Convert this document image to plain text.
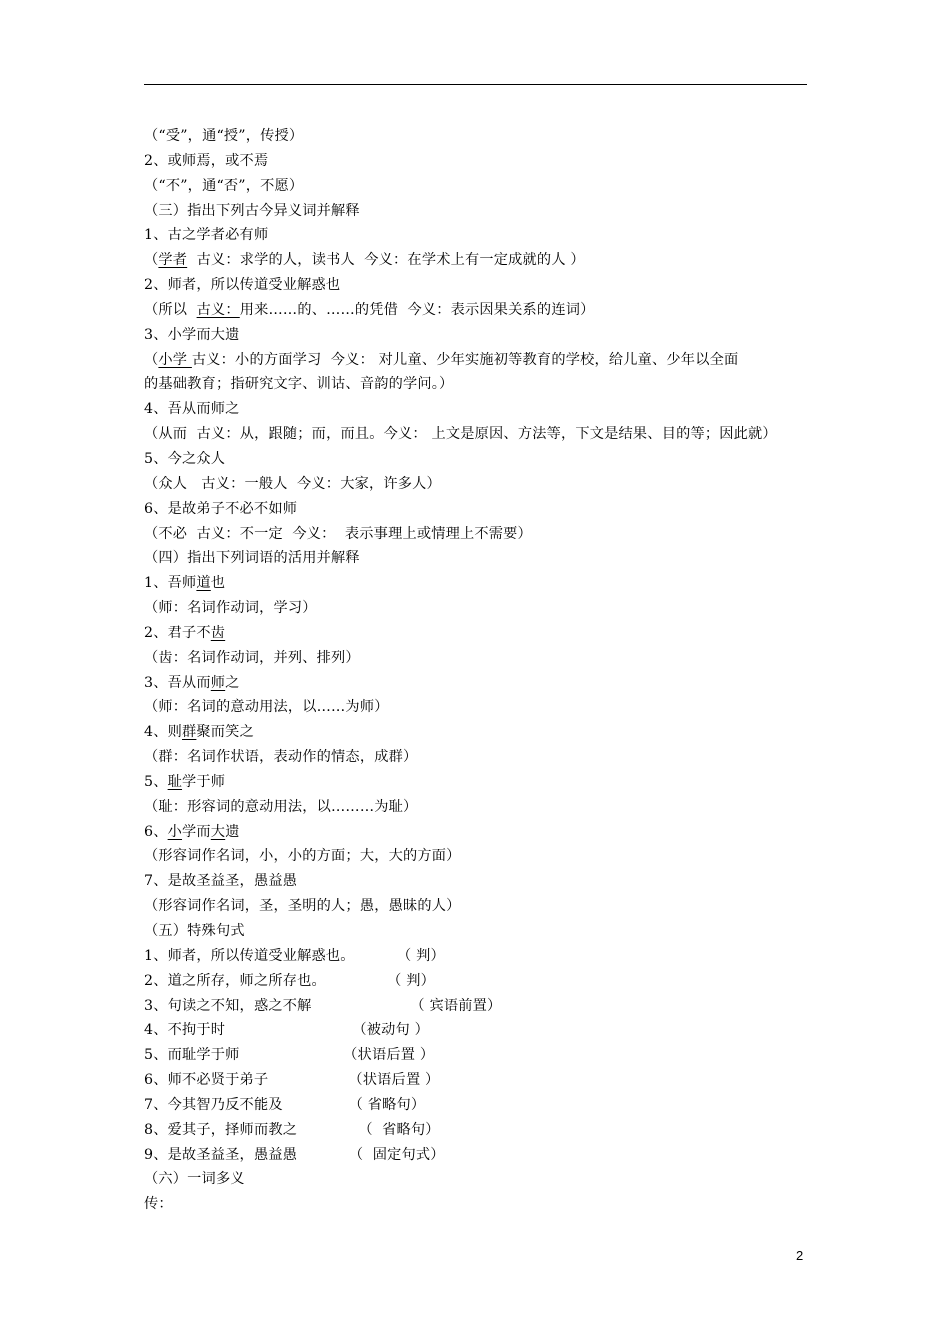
（“受”，通“授”，传授）
2、或师焉，或不焉
（“不”，通“否”，不愿）
（三）指出下列古今异义词并解释
1、古之学者必有师
（学者  古义：求学的人，读书人  今义：在学术上有一定成就的人 ）
2、师者，所以传道受业解惑也
（所以  古义：用来……的、……的凭借  今义：表示因果关系的连词）
3、小学而大遗
（小学 古义：小的方面学习  今义： 对儿童、少年实施初等教育的学校，给儿童、少年以全面
的基础教育；指研究文字、训诂、音韵的学问。）
4、吾从而师之
（从而  古义：从，跟随；而，而且。今义： 上文是原因、方法等，下文是结果、目的等；因此就）
5、今之众人
（众人   古义：一般人  今义：大家，许多人）
6、是故弟子不必不如师
（不必  古义：不一定  今义：  表示事理上或情理上不需要）
（四）指出下列词语的活用并解释
1、吾师道也
（师：名词作动词，学习）
2、君子不齿
（齿：名词作动词，并列、排列）
3、吾从而师之
（师：名词的意动用法，以……为师）
4、则群聚而笑之
（群：名词作状语，表动作的情态，成群）
5、耻学于师
（耻：形容词的意动用法，以………为耻）
6、小学而大遗
（形容词作名词，小，小的方面；大，大的方面）
7、是故圣益圣，愚益愚
（形容词作名词，圣，圣明的人；愚，愚昧的人）
（五）特殊句式
1、师者，所以传道受业解惑也。         （ 判）
2、道之所存，师之所存也。             （ 判）
3、句读之不知，惑之不解                     （ 宾语前置）
4、不拘于时                           （被动句 ）
5、而耻学于师                      （状语后置 ）
6、师不必贤于弟子                 （状语后置 ）
7、今其智乃反不能及              （ 省略句）
8、爱其子，择师而教之             （  省略句）
9、是故圣益圣，愚益愚           （  固定句式）
（六）一词多义
传：
2
